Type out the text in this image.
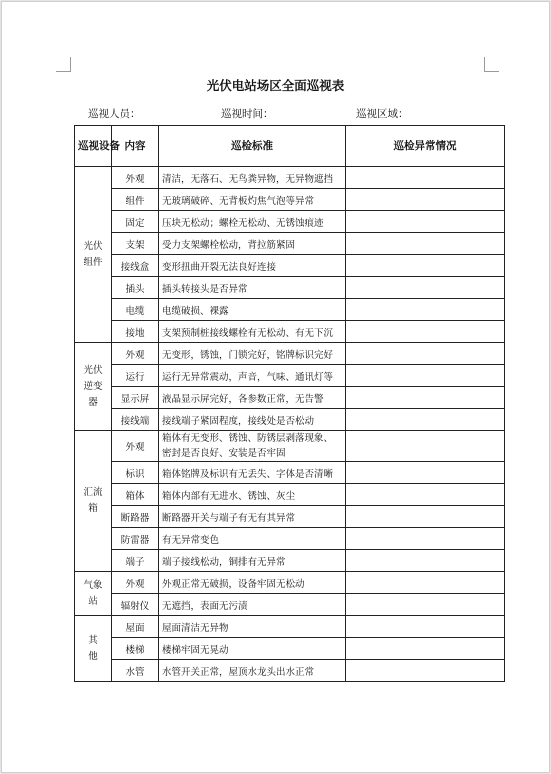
光伏电站场区全面巡视表
巡视人员：	巡视时间：	巡视区域：
巡视设备	内容	巡检标准	巡检异常情况

光伏
组件	外观	清洁，无落石、无鸟粪异物，无异物遮挡	
	组件	无玻璃破碎、无背板灼焦气泡等异常	
	固定	压块无松动；螺栓无松动、无锈蚀痕迹	
	支架	受力支架螺栓松动，背拉筋紧固	
	接线盒	变形扭曲开裂无法良好连接	
	插头	插头转接头是否异常	
	电缆	电缆破损、裸露	
	接地	支架预制桩接线螺栓有无松动、有无下沉	

光伏
逆变
器	外观	无变形，锈蚀，门锁完好，铭牌标识完好	
	运行	运行无异常震动，声音，气味、通讯灯等	
	显示屏	液晶显示屏完好，各参数正常，无告警	
	接线端	接线端子紧固程度，接线处是否松动	

汇流
箱	外观	箱体有无变形、锈蚀、防锈层剥落现象、密封是否良好、安装是否牢固	
	标识	箱体铭牌及标识有无丢失、字体是否清晰	
	箱体	箱体内部有无进水、锈蚀、灰尘	
	断路器	断路器开关与端子有无有其异常	
	防雷器	有无异常变色	
	端子	端子接线松动，铜排有无异常	

气象
站	外观	外观正常无破损，设备牢固无松动	
	辐射仪	无遮挡，表面无污渍	

其
他	屋面	屋面清洁无异物	
	楼梯	楼梯牢固无晃动	
	水管	水管开关正常，屋顶水龙头出水正常	
